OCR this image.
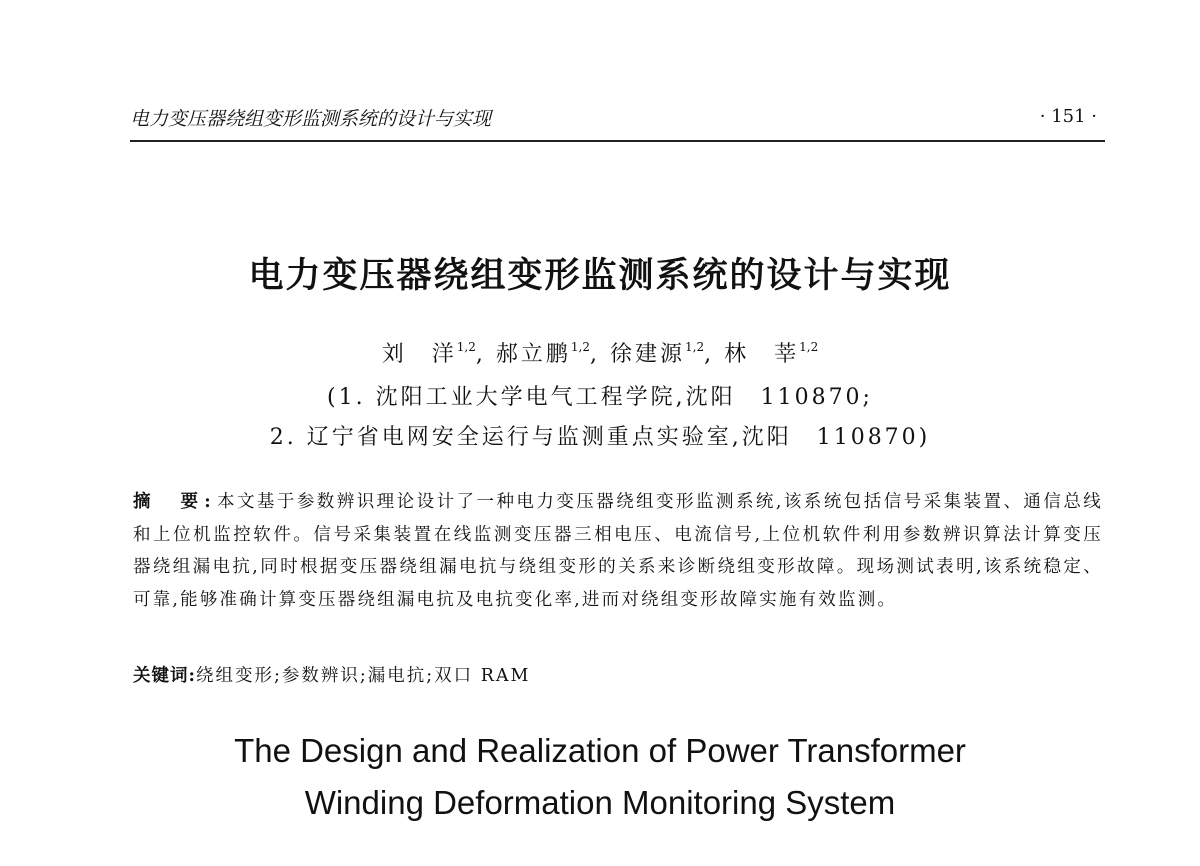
电力变压器绕组变形监测系统的设计与实现	· 151 ·
电力变压器绕组变形监测系统的设计与实现
刘　洋$^{1,2}$, 郝立鹏$^{1,2}$, 徐建源$^{1,2}$, 林　莘$^{1,2}$
(1. 沈阳工业大学电气工程学院,沈阳　110870;
2. 辽宁省电网安全运行与监测重点实验室,沈阳　110870)
摘　要:本文基于参数辨识理论设计了一种电力变压器绕组变形监测系统,该系统包括信号采集装置、通信总线和上位机监控软件。信号采集装置在线监测变压器三相电压、电流信号,上位机软件利用参数辨识算法计算变压器绕组漏电抗,同时根据变压器绕组漏电抗与绕组变形的关系来诊断绕组变形故障。现场测试表明,该系统稳定、可靠,能够准确计算变压器绕组漏电抗及电抗变化率,进而对绕组变形故障实施有效监测。
关键词:绕组变形;参数辨识;漏电抗;双口 RAM
The Design and Realization of Power Transformer
Winding Deformation Monitoring System
